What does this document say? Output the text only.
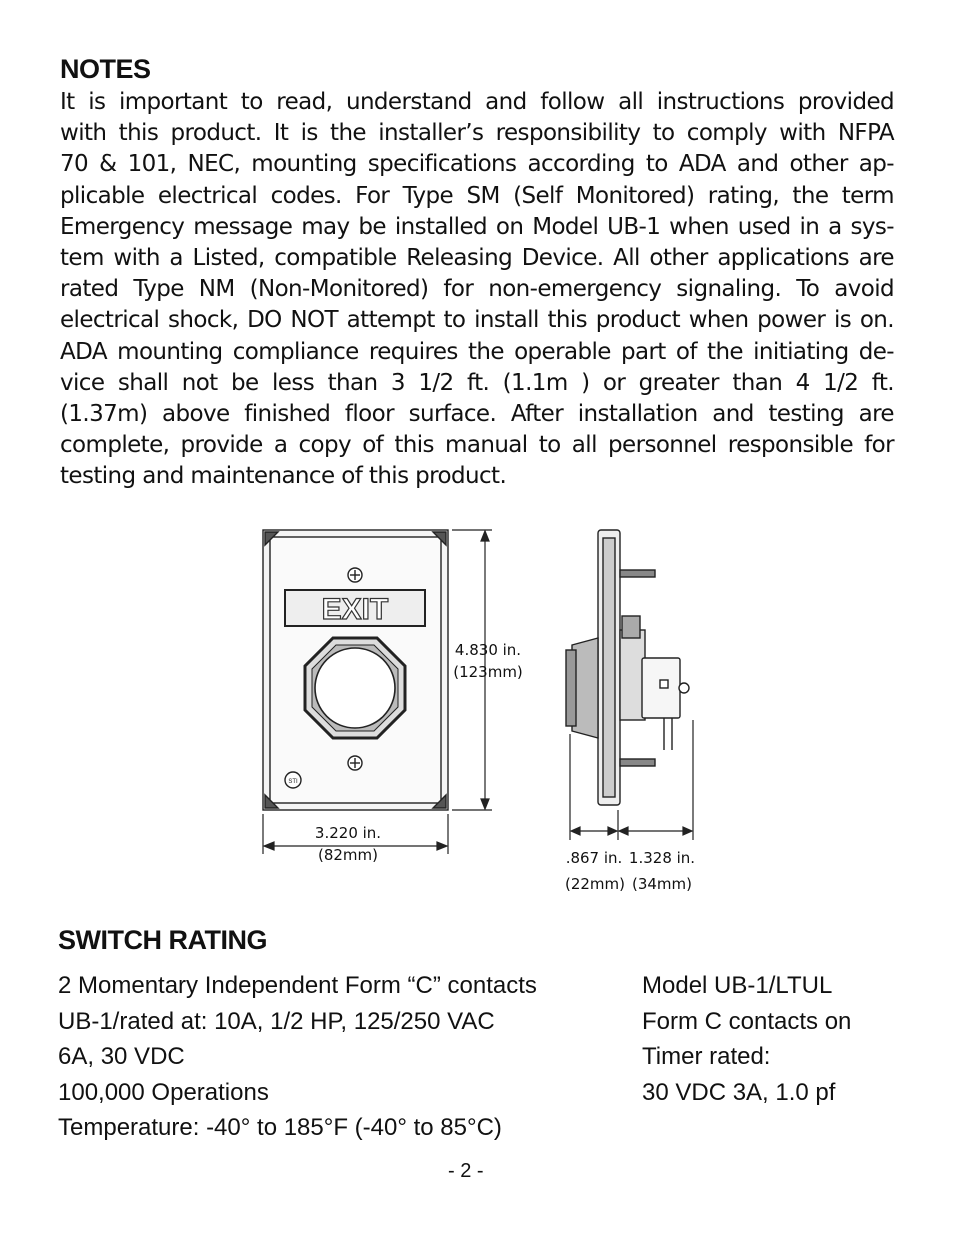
NOTES
It is important to read, understand and follow all instructions provided
with this product. It is the installer’s responsibility to comply with NFPA
70 & 101, NEC, mounting specifications according to ADA and other ap-
plicable electrical codes. For Type SM (Self Monitored) rating, the term
Emergency message may be installed on Model UB-1 when used in a sys-
tem with a Listed, compatible Releasing Device. All other applications are
rated Type NM (Non-Monitored) for non-emergency signaling. To avoid
electrical shock, DO NOT attempt to install this product when power is on.
ADA mounting compliance requires the operable part of the initiating de-
vice shall not be less than 3 1/2 ft. (1.1m ) or greater than 4 1/2 ft.
(1.37m) above finished floor surface. After installation and testing are
complete, provide a copy of this manual to all personnel responsible for
testing and maintenance of this product.
EXIT
STI
4.830 in.
(123mm)
3.220 in.
(82mm)	.867 in.
(22mm)
1.328 in.
(34mm)
SWITCH RATING
2 Momentary Independent Form “C” contacts
UB-1/rated at: 10A, 1/2 HP, 125/250 VAC
6A, 30 VDC
100,000 Operations
Temperature: -40° to 185°F (-40° to 85°C)
Model UB-1/LTUL
Form C contacts on
Timer rated:
30 VDC 3A, 1.0 pf
- 2 -
